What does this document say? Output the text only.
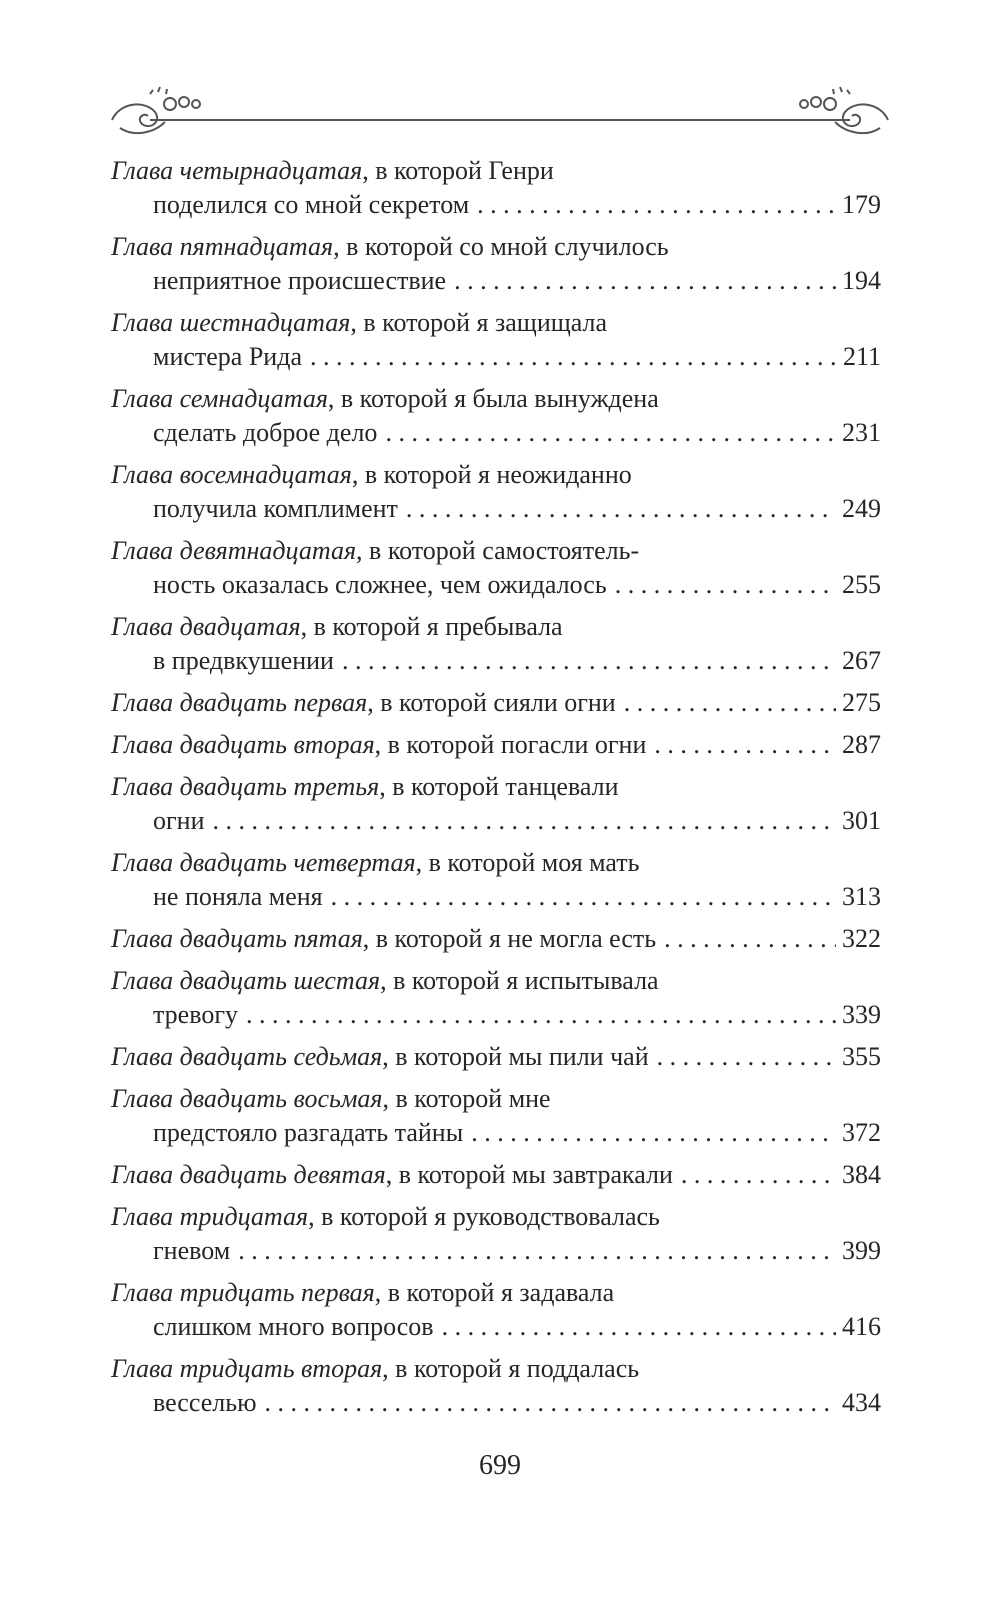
Глава четырнадцатая , в которой Генри
поделился со мной секретом . . .	179
Глава пятнадцатая , в которой со мной случилось
неприятное происшествие . . .	194
Глава шестнадцатая , в которой я защищала
мистера Рида . . .	211
Глава семнадцатая , в которой я была вынуждена
сделать доброе дело . . .	231
Глава восемнадцатая , в которой я неожиданно
получила комплимент . . .	249
Глава девятнадцатая , в которой самостоятель-
ность оказалась сложнее, чем ожидалось . . .	255
Глава двадцатая , в которой я пребывала
в предвкушении . . .	267
Глава двадцать первая , в которой сияли огни . . .	275
Глава двадцать вторая , в которой погасли огни . . .	287
Глава двадцать третья , в которой танцевали
огни . . .	301
Глава двадцать четвертая , в которой моя мать
не поняла меня . . .	313
Глава двадцать пятая , в которой я не могла есть . . .	322
Глава двадцать шестая , в которой я испытывала
тревогу . . .	339
Глава двадцать седьмая , в которой мы пили чай . . .	355
Глава двадцать восьмая , в которой мне
предстояло разгадать тайны . . .	372
Глава двадцать девятая , в которой мы завтракали . . .	384
Глава тридцатая , в которой я руководствовалась
гневом . . .	399
Глава тридцать первая , в которой я задавала
слишком много вопросов . . .	416
Глава тридцать вторая , в которой я поддалась
весселью . . .	434
699
